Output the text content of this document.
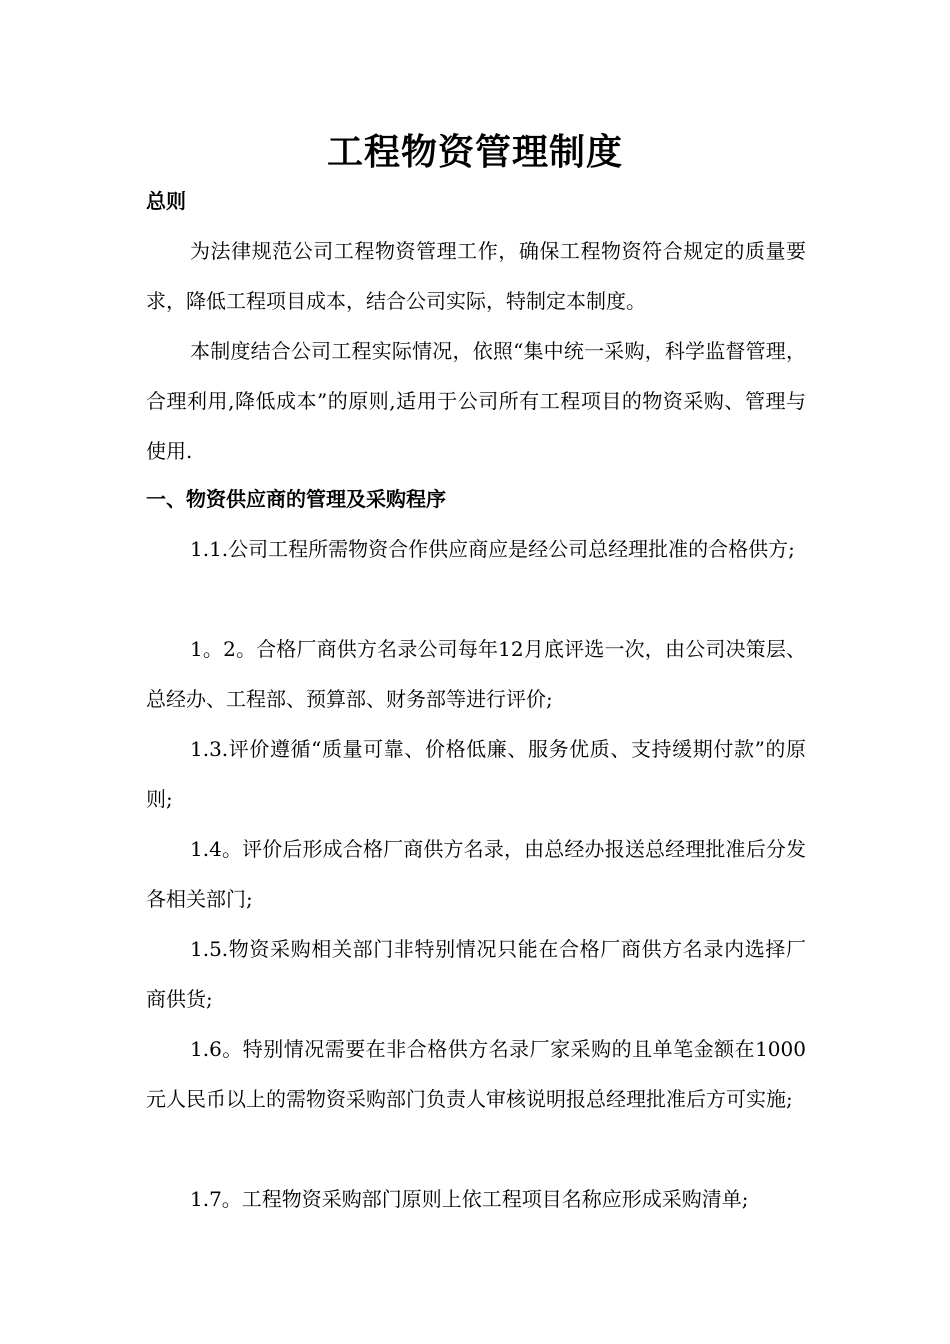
工程物资管理制度
总则

为法律规范公司工程物资管理工作，确保工程物资符合规定的质量要求，降低工程项目成本，结合公司实际，特制定本制度。

本制度结合公司工程实际情况，依照“集中统一采购，科学监督管理，合理利用,降低成本”的原则,适用于公司所有工程项目的物资采购、管理与使用.

一、物资供应商的管理及采购程序

1.1.公司工程所需物资合作供应商应是经公司总经理批准的合格供方;

1。2。合格厂商供方名录公司每年12月底评选一次，由公司决策层、总经办、工程部、预算部、财务部等进行评价;

1.3.评价遵循“质量可靠、价格低廉、服务优质、支持缓期付款”的原则;

1.4。评价后形成合格厂商供方名录，由总经办报送总经理批准后分发各相关部门;

1.5.物资采购相关部门非特别情况只能在合格厂商供方名录内选择厂商供货;

1.6。特别情况需要在非合格供方名录厂家采购的且单笔金额在1000元人民币以上的需物资采购部门负责人审核说明报总经理批准后方可实施;

1.7。工程物资采购部门原则上依工程项目名称应形成采购清单;
